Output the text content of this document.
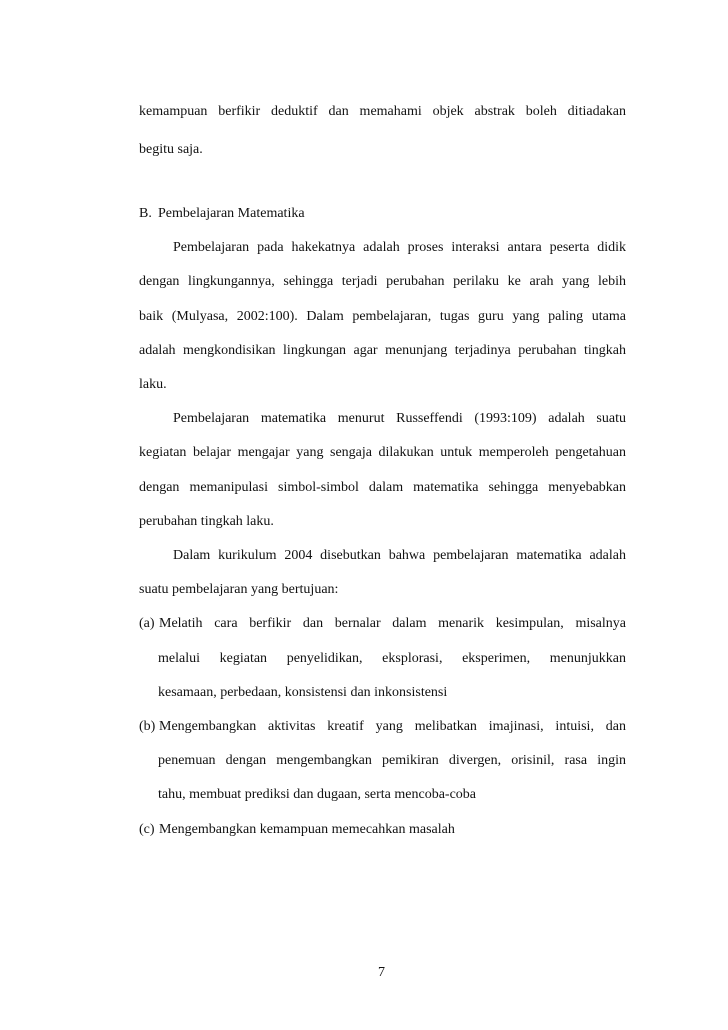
kemampuan berfikir deduktif dan memahami objek abstrak boleh ditiadakan
begitu saja.
B. Pembelajaran Matematika
Pembelajaran pada hakekatnya adalah proses interaksi antara peserta didik
dengan lingkungannya, sehingga terjadi perubahan perilaku ke arah yang lebih
baik (Mulyasa, 2002:100). Dalam pembelajaran, tugas guru yang paling utama
adalah mengkondisikan lingkungan agar menunjang terjadinya perubahan tingkah
laku.
Pembelajaran matematika menurut Russeffendi (1993:109) adalah suatu
kegiatan belajar mengajar yang sengaja dilakukan untuk memperoleh pengetahuan
dengan memanipulasi simbol-simbol dalam matematika sehingga menyebabkan
perubahan tingkah laku.
Dalam kurikulum 2004 disebutkan bahwa pembelajaran matematika adalah
suatu pembelajaran yang bertujuan:
(a) Melatih cara berfikir dan bernalar dalam menarik kesimpulan, misalnya
melalui kegiatan penyelidikan, eksplorasi, eksperimen, menunjukkan
kesamaan, perbedaan, konsistensi dan inkonsistensi
(b) Mengembangkan aktivitas kreatif yang melibatkan imajinasi, intuisi, dan
penemuan dengan mengembangkan pemikiran divergen, orisinil, rasa ingin
tahu, membuat prediksi dan dugaan, serta mencoba-coba
(c) Mengembangkan kemampuan memecahkan masalah
7
